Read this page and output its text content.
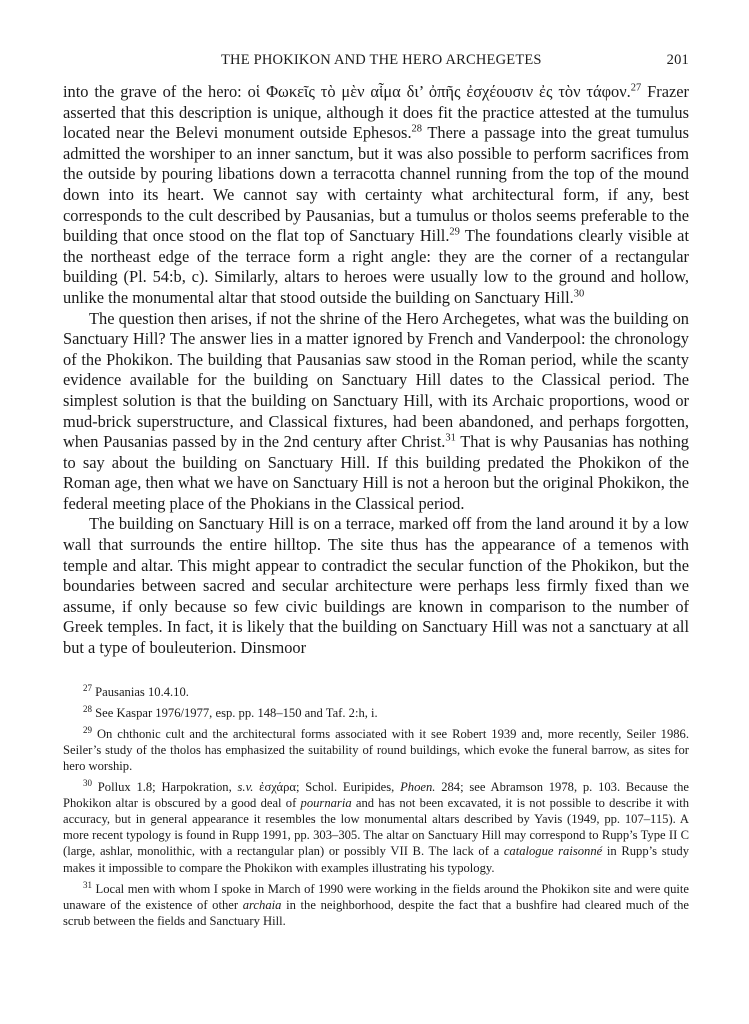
THE PHOKIKON AND THE HERO ARCHEGETES	201

into the grave of the hero: οἱ Φωκεῖς τὸ μὲν αἷμα δι’ ὀπῆς ἐσχέουσιν ἐς τὸν τάφον.$^{27}$ Frazer asserted that this description is unique, although it does fit the practice attested at the tumulus located near the Belevi monument outside Ephesos.$^{28}$ There a passage into the great tumulus admitted the worshiper to an inner sanctum, but it was also possible to perform sacrifices from the outside by pouring libations down a terracotta channel running from the top of the mound down into its heart. We cannot say with certainty what architectural form, if any, best corresponds to the cult described by Pausanias, but a tumulus or tholos seems preferable to the building that once stood on the flat top of Sanctuary Hill.$^{29}$ The foundations clearly visible at the northeast edge of the terrace form a right angle: they are the corner of a rectangular building (Pl. 54:b, c). Similarly, altars to heroes were usually low to the ground and hollow, unlike the monumental altar that stood outside the building on Sanctuary Hill.$^{30}$

The question then arises, if not the shrine of the Hero Archegetes, what was the building on Sanctuary Hill? The answer lies in a matter ignored by French and Vanderpool: the chronology of the Phokikon. The building that Pausanias saw stood in the Roman period, while the scanty evidence available for the building on Sanctuary Hill dates to the Classical period. The simplest solution is that the building on Sanctuary Hill, with its Archaic proportions, wood or mud-brick superstructure, and Classical fixtures, had been abandoned, and perhaps forgotten, when Pausanias passed by in the 2nd century after Christ.$^{31}$ That is why Pausanias has nothing to say about the building on Sanctuary Hill. If this building predated the Phokikon of the Roman age, then what we have on Sanctuary Hill is not a heroon but the original Phokikon, the federal meeting place of the Phokians in the Classical period.

The building on Sanctuary Hill is on a terrace, marked off from the land around it by a low wall that surrounds the entire hilltop. The site thus has the appearance of a temenos with temple and altar. This might appear to contradict the secular function of the Phokikon, but the boundaries between sacred and secular architecture were perhaps less firmly fixed than we assume, if only because so few civic buildings are known in comparison to the number of Greek temples. In fact, it is likely that the building on Sanctuary Hill was not a sanctuary at all but a type of bouleuterion. Dinsmoor

$^{27}$ Pausanias 10.4.10.

$^{28}$ See Kaspar 1976/1977, esp. pp. 148–150 and Taf. 2:h, i.

$^{29}$ On chthonic cult and the architectural forms associated with it see Robert 1939 and, more recently, Seiler 1986. Seiler’s study of the tholos has emphasized the suitability of round buildings, which evoke the funeral barrow, as sites for hero worship.

$^{30}$ Pollux 1.8; Harpokration, s.v. ἐσχάρα; Schol. Euripides, Phoen. 284; see Abramson 1978, p. 103. Because the Phokikon altar is obscured by a good deal of pournaria and has not been excavated, it is not possible to describe it with accuracy, but in general appearance it resembles the low monumental altars described by Yavis (1949, pp. 107–115). A more recent typology is found in Rupp 1991, pp. 303–305. The altar on Sanctuary Hill may correspond to Rupp’s Type II C (large, ashlar, monolithic, with a rectangular plan) or possibly VII B. The lack of a catalogue raisonné in Rupp’s study makes it impossible to compare the Phokikon with examples illustrating his typology.

$^{31}$ Local men with whom I spoke in March of 1990 were working in the fields around the Phokikon site and were quite unaware of the existence of other archaia in the neighborhood, despite the fact that a bushfire had cleared much of the scrub between the fields and Sanctuary Hill.
